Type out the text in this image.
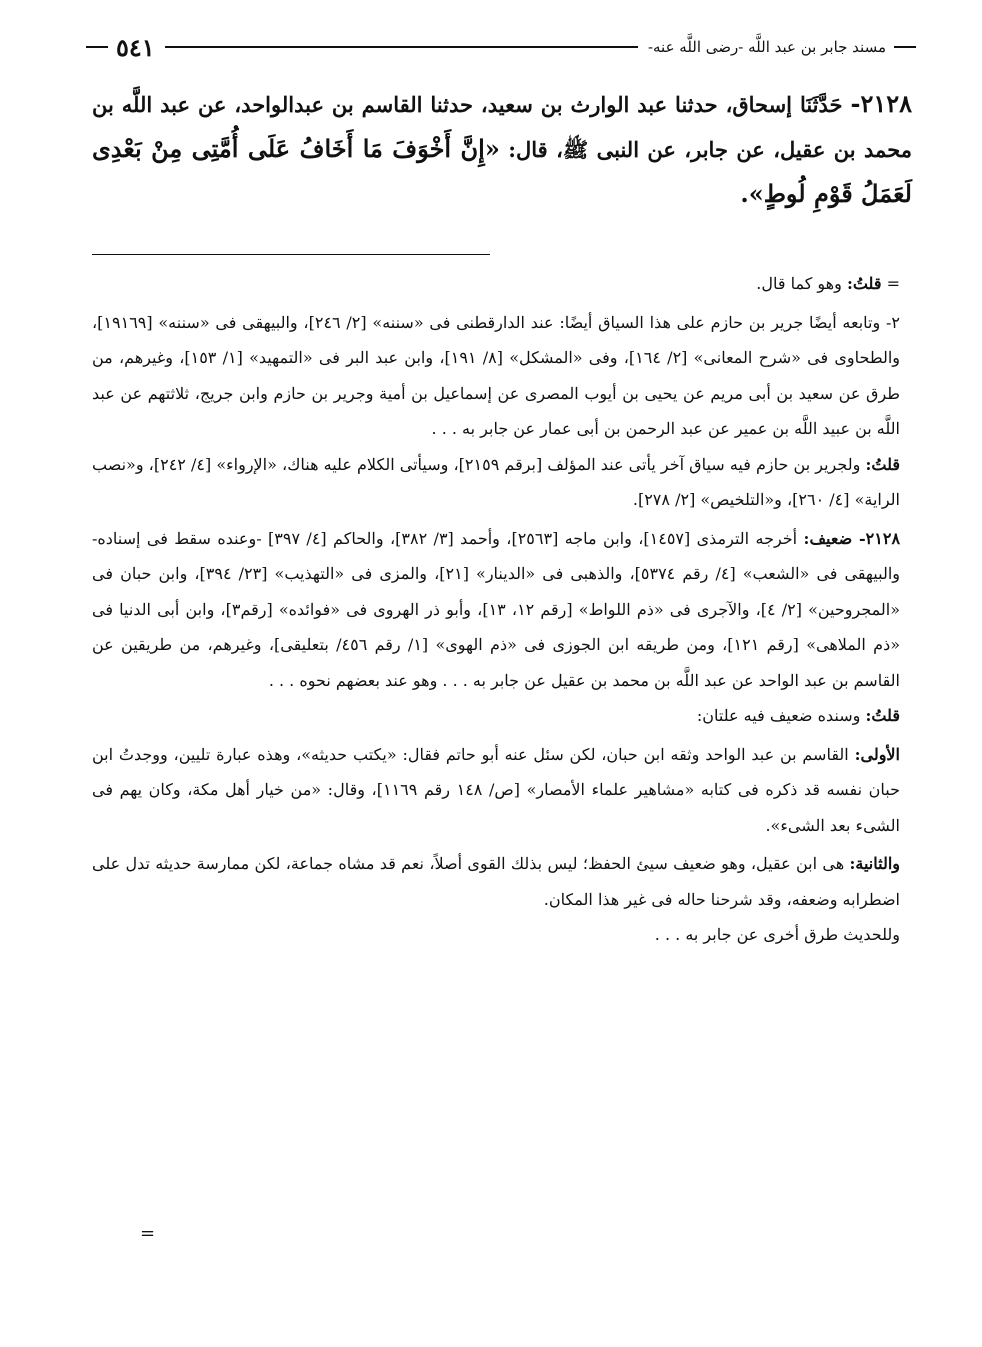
مسند جابر بن عبد اللَّه -رضى اللَّه عنه-
٥٤١
٢١٢٨- حَدَّثَنَا إسحاق، حدثنا عبد الوارث بن سعيد، حدثنا القاسم بن عبدالواحد، عن عبد اللَّه بن محمد بن عقيل، عن جابر، عن النبى ﷺ، قال: «إِنَّ أَخْوَفَ مَا أَخَافُ عَلَى أُمَّتِى مِنْ بَعْدِى لَعَمَلُ قَوْمِ لُوطٍ».

= قلتُ: وهو كما قال.

٢- وتابعه أيضًا جرير بن حازم على هذا السياق أيضًا: عند الدارقطنى فى «سننه» [٢/ ٢٤٦]، والبيهقى فى «سننه» [١٩١٦٩]، والطحاوى فى «شرح المعانى» [٢/ ١٦٤]، وفى «المشكل» [٨/ ١٩١]، وابن عبد البر فى «التمهيد» [١/ ١٥٣]، وغيرهم، من طرق عن سعيد بن أبى مريم عن يحيى بن أيوب المصرى عن إسماعيل بن أمية وجرير بن حازم وابن جريج، ثلاثتهم عن عبد اللَّه بن عبيد اللَّه بن عمير عن عبد الرحمن بن أبى عمار عن جابر به . . .

قلتُ: ولجرير بن حازم فيه سياق آخر يأتى عند المؤلف [برقم ٢١٥٩]، وسيأتى الكلام عليه هناك، «الإرواء» [٤/ ٢٤٢]، و«نصب الراية» [٤/ ٢٦٠]، و«التلخيص» [٢/ ٢٧٨].

٢١٢٨- ضعيف: أخرجه الترمذى [١٤٥٧]، وابن ماجه [٢٥٦٣]، وأحمد [٣/ ٣٨٢]، والحاكم [٤/ ٣٩٧] -وعنده سقط فى إسناده- والبيهقى فى «الشعب» [٤/ رقم ٥٣٧٤]، والذهبى فى «الدينار» [٢١]، والمزى فى «التهذيب» [٢٣/ ٣٩٤]، وابن حبان فى «المجروحين» [٢/ ٤]، والآجرى فى «ذم اللواط» [رقم ١٢، ١٣]، وأبو ذر الهروى فى «فوائده» [رقم٣]، وابن أبى الدنيا فى «ذم الملاهى» [رقم ١٢١]، ومن طريقه ابن الجوزى فى «ذم الهوى» [١/ رقم ٤٥٦/ بتعليقى]، وغيرهم، من طريقين عن القاسم بن عبد الواحد عن عبد اللَّه بن محمد بن عقيل عن جابر به . . . وهو عند بعضهم نحوه . . .

قلتُ: وسنده ضعيف فيه علتان:

الأولى: القاسم بن عبد الواحد وثقه ابن حبان، لكن سئل عنه أبو حاتم فقال: «يكتب حديثه»، وهذه عبارة تليين، ووجدتُ ابن حبان نفسه قد ذكره فى كتابه «مشاهير علماء الأمصار» [ص/ ١٤٨ رقم ١١٦٩]، وقال: «من خيار أهل مكة، وكان يهم فى الشىء بعد الشىء».

والثانية: هى ابن عقيل، وهو ضعيف سيئ الحفظ؛ ليس بذلك القوى أصلاً، نعم قد مشاه جماعة، لكن ممارسة حديثه تدل على اضطرابه وضعفه، وقد شرحنا حاله فى غير هذا المكان.

وللحديث طرق أخرى عن جابر به . . .

=
